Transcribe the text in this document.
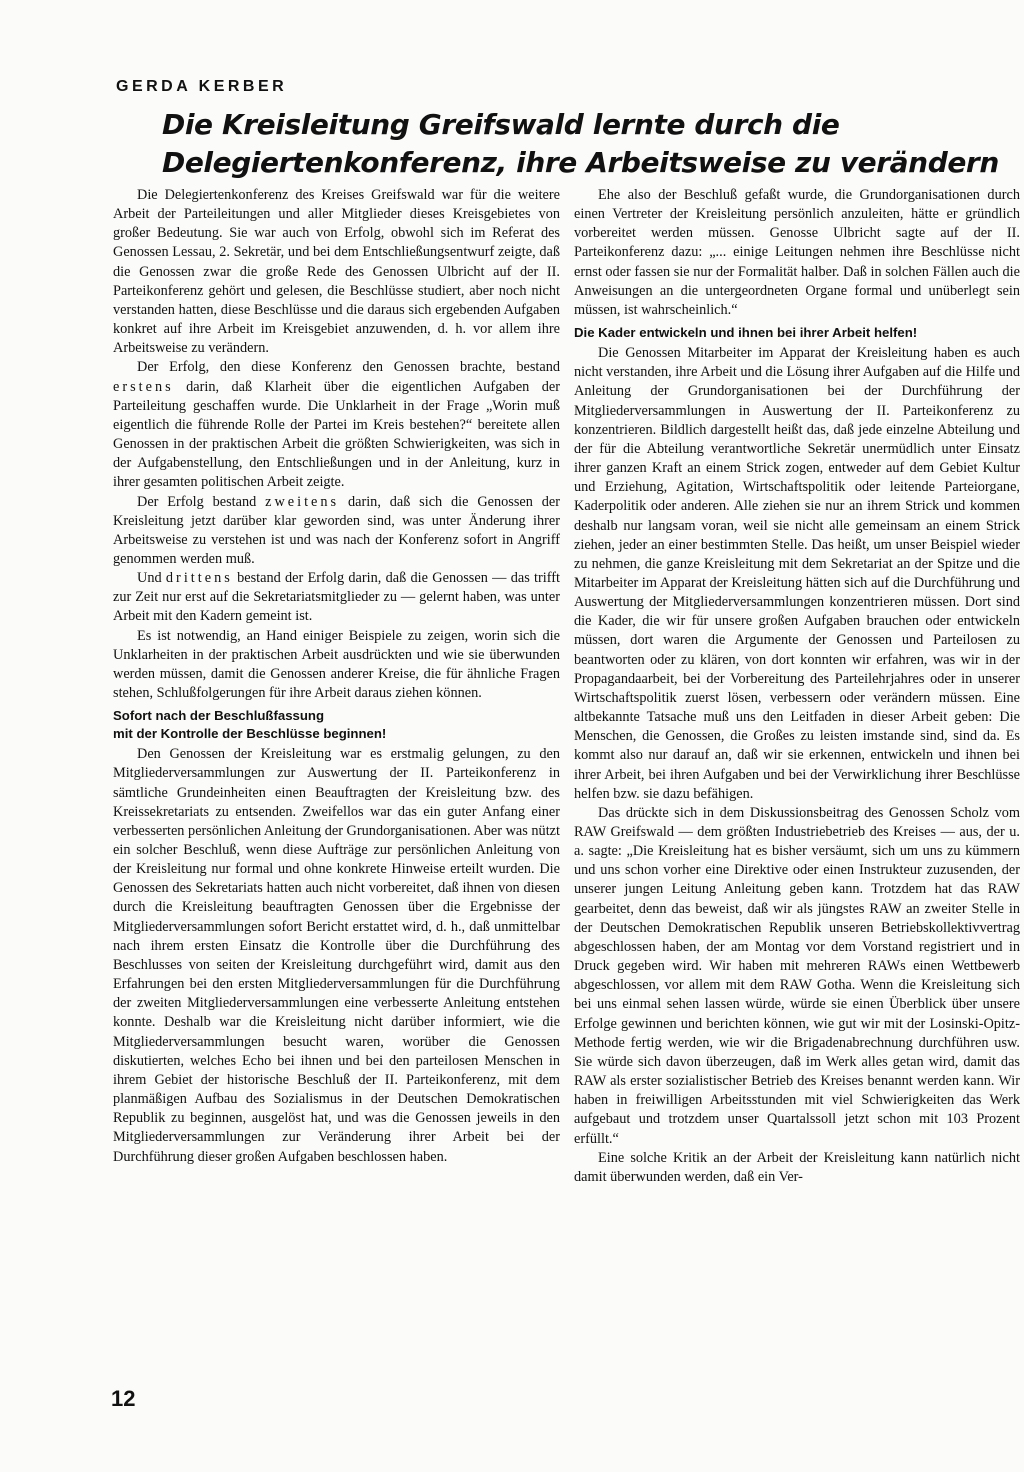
GERDA KERBER
Die Kreisleitung Greifswald lernte durch die
Delegiertenkonferenz, ihre Arbeitsweise zu verändern

Die Delegiertenkonferenz des Kreises Greifswald war für die weitere Arbeit der Parteileitungen und aller Mitglieder dieses Kreisgebietes von großer Bedeutung. Sie war auch von Erfolg, obwohl sich im Referat des Genossen Lessau, 2. Sekretär, und bei dem Entschließungsentwurf zeigte, daß die Genossen zwar die große Rede des Genossen Ulbricht auf der II. Parteikonferenz gehört und gelesen, die Beschlüsse studiert, aber noch nicht verstanden hatten, diese Beschlüsse und die daraus sich ergebenden Aufgaben konkret auf ihre Arbeit im Kreisgebiet anzuwenden, d. h. vor allem ihre Arbeitsweise zu verändern.

Der Erfolg, den diese Konferenz den Genossen brachte, bestand erstens darin, daß Klarheit über die eigentlichen Aufgaben der Parteileitung geschaffen wurde. Die Unklarheit in der Frage „Worin muß eigentlich die führende Rolle der Partei im Kreis bestehen?“ bereitete allen Genossen in der praktischen Arbeit die größten Schwierigkeiten, was sich in der Aufgabenstellung, den Entschließungen und in der Anleitung, kurz in ihrer gesamten politischen Arbeit zeigte.

Der Erfolg bestand zweitens darin, daß sich die Genossen der Kreisleitung jetzt darüber klar geworden sind, was unter Änderung ihrer Arbeitsweise zu verstehen ist und was nach der Konferenz sofort in Angriff genommen werden muß.

Und drittens bestand der Erfolg darin, daß die Genossen — das trifft zur Zeit nur erst auf die Sekretariatsmitglieder zu — gelernt haben, was unter Arbeit mit den Kadern gemeint ist.

Es ist notwendig, an Hand einiger Beispiele zu zeigen, worin sich die Unklarheiten in der praktischen Arbeit ausdrückten und wie sie überwunden werden müssen, damit die Genossen anderer Kreise, die für ähnliche Fragen stehen, Schlußfolgerungen für ihre Arbeit daraus ziehen können.

Sofort nach der Beschlußfassung
mit der Kontrolle der Beschlüsse beginnen!

Den Genossen der Kreisleitung war es erstmalig gelungen, zu den Mitgliederversammlungen zur Auswertung der II. Parteikonferenz in sämtliche Grundeinheiten einen Beauftragten der Kreisleitung bzw. des Kreissekretariats zu entsenden. Zweifellos war das ein guter Anfang einer verbesserten persönlichen Anleitung der Grundorganisationen. Aber was nützt ein solcher Beschluß, wenn diese Aufträge zur persönlichen Anleitung von der Kreisleitung nur formal und ohne konkrete Hinweise erteilt wurden. Die Genossen des Sekretariats hatten auch nicht vorbereitet, daß ihnen von diesen durch die Kreisleitung beauftragten Genossen über die Ergebnisse der Mitgliederversammlungen sofort Bericht erstattet wird, d. h., daß unmittelbar nach ihrem ersten Einsatz die Kontrolle über die Durchführung des Beschlusses von seiten der Kreisleitung durchgeführt wird, damit aus den Erfahrungen bei den ersten Mitgliederversammlungen für die Durchführung der zweiten Mitgliederversammlungen eine verbesserte Anleitung entstehen konnte. Deshalb war die Kreisleitung nicht darüber informiert, wie die Mitgliederversammlungen besucht waren, worüber die Genossen diskutierten, welches Echo bei ihnen und bei den parteilosen Menschen in ihrem Gebiet der historische Beschluß der II. Parteikonferenz, mit dem planmäßigen Aufbau des Sozialismus in der Deutschen Demokratischen Republik zu beginnen, ausgelöst hat, und was die Genossen jeweils in den Mitgliederversammlungen zur Veränderung ihrer Arbeit bei der Durchführung dieser großen Aufgaben beschlossen haben.

Ehe also der Beschluß gefaßt wurde, die Grundorganisationen durch einen Vertreter der Kreisleitung persönlich anzuleiten, hätte er gründlich vorbereitet werden müssen. Genosse Ulbricht sagte auf der II. Parteikonferenz dazu: „... einige Leitungen nehmen ihre Beschlüsse nicht ernst oder fassen sie nur der Formalität halber. Daß in solchen Fällen auch die Anweisungen an die untergeordneten Organe formal und unüberlegt sein müssen, ist wahrscheinlich.“

Die Kader entwickeln und ihnen bei ihrer Arbeit helfen!

Die Genossen Mitarbeiter im Apparat der Kreisleitung haben es auch nicht verstanden, ihre Arbeit und die Lösung ihrer Aufgaben auf die Hilfe und Anleitung der Grundorganisationen bei der Durchführung der Mitgliederversammlungen in Auswertung der II. Parteikonferenz zu konzentrieren. Bildlich dargestellt heißt das, daß jede einzelne Abteilung und der für die Abteilung verantwortliche Sekretär unermüdlich unter Einsatz ihrer ganzen Kraft an einem Strick zogen, entweder auf dem Gebiet Kultur und Erziehung, Agitation, Wirtschaftspolitik oder leitende Parteiorgane, Kaderpolitik oder anderen. Alle ziehen sie nur an ihrem Strick und kommen deshalb nur langsam voran, weil sie nicht alle gemeinsam an einem Strick ziehen, jeder an einer bestimmten Stelle. Das heißt, um unser Beispiel wieder zu nehmen, die ganze Kreisleitung mit dem Sekretariat an der Spitze und die Mitarbeiter im Apparat der Kreisleitung hätten sich auf die Durchführung und Auswertung der Mitgliederversammlungen konzentrieren müssen. Dort sind die Kader, die wir für unsere großen Aufgaben brauchen oder entwickeln müssen, dort waren die Argumente der Genossen und Parteilosen zu beantworten oder zu klären, von dort konnten wir erfahren, was wir in der Propagandaarbeit, bei der Vorbereitung des Parteilehrjahres oder in unserer Wirtschaftspolitik zuerst lösen, verbessern oder verändern müssen. Eine altbekannte Tatsache muß uns den Leitfaden in dieser Arbeit geben: Die Menschen, die Genossen, die Großes zu leisten imstande sind, sind da. Es kommt also nur darauf an, daß wir sie erkennen, entwickeln und ihnen bei ihrer Arbeit, bei ihren Aufgaben und bei der Verwirklichung ihrer Beschlüsse helfen bzw. sie dazu befähigen.

Das drückte sich in dem Diskussionsbeitrag des Genossen Scholz vom RAW Greifswald — dem größten Industriebetrieb des Kreises — aus, der u. a. sagte: „Die Kreisleitung hat es bisher versäumt, sich um uns zu kümmern und uns schon vorher eine Direktive oder einen Instrukteur zuzusenden, der unserer jungen Leitung Anleitung geben kann. Trotzdem hat das RAW gearbeitet, denn das beweist, daß wir als jüngstes RAW an zweiter Stelle in der Deutschen Demokratischen Republik unseren Betriebskollektivvertrag abgeschlossen haben, der am Montag vor dem Vorstand registriert und in Druck gegeben wird. Wir haben mit mehreren RAWs einen Wettbewerb abgeschlossen, vor allem mit dem RAW Gotha. Wenn die Kreisleitung sich bei uns einmal sehen lassen würde, würde sie einen Überblick über unsere Erfolge gewinnen und berichten können, wie gut wir mit der Losinski-Opitz-Methode fertig werden, wie wir die Brigadenabrechnung durchführen usw. Sie würde sich davon überzeugen, daß im Werk alles getan wird, damit das RAW als erster sozialistischer Betrieb des Kreises benannt werden kann. Wir haben in freiwilligen Arbeitsstunden mit viel Schwierigkeiten das Werk aufgebaut und trotzdem unser Quartalssoll jetzt schon mit 103 Prozent erfüllt.“

Eine solche Kritik an der Arbeit der Kreisleitung kann natürlich nicht damit überwunden werden, daß ein Ver-

12
